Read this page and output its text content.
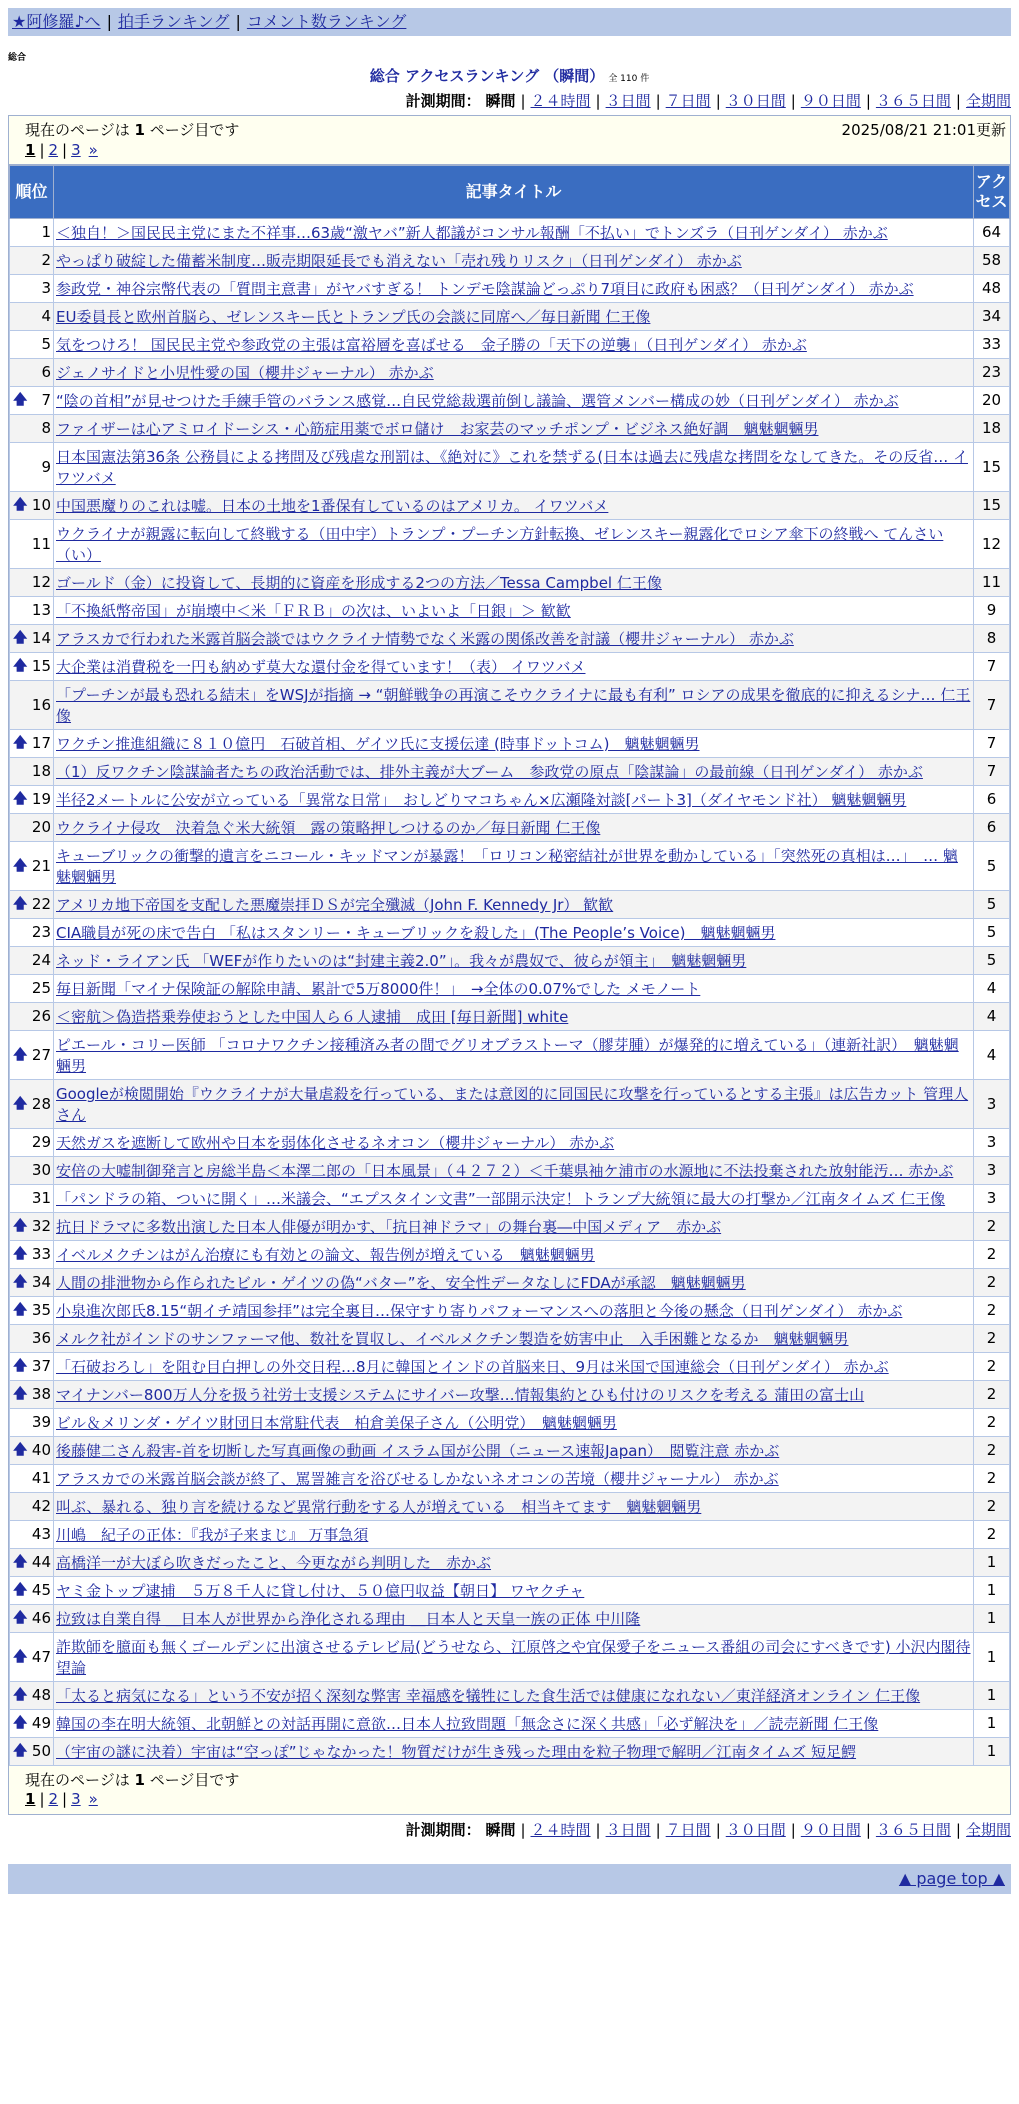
★阿修羅♪へ | 拍手ランキング | コメント数ランキング
総合
総合 アクセスランキング （瞬間） 全 110 件
計測期間： 瞬間 | ２４時間 | ３日間 | ７日間 | ３０日間 | ９０日間 | ３６５日間 | 全期間
現在のページは 1 ページ目です	2025/08/21 21:01更新
1 | 2 | 3 »
順位	記事タイトル	アクセス
1	＜独自！＞国民民主党にまた不祥事…63歳“激ヤバ”新人都議がコンサル報酬「不払い」でトンズラ（日刊ゲンダイ） 赤かぶ	64
2	やっぱり破綻した備蓄米制度…販売期限延長でも消えない「売れ残りリスク」（日刊ゲンダイ） 赤かぶ	58
3	参政党・神谷宗幣代表の「質問主意書」がヤバすぎる！ トンデモ陰謀論どっぷり7項目に政府も困惑？（日刊ゲンダイ） 赤かぶ	48
4	EU委員長と欧州首脳ら、ゼレンスキー氏とトランプ氏の会談に同席へ／毎日新聞 仁王像	34
5	気をつけろ！ 国民民主党や参政党の主張は富裕層を喜ばせる　金子勝の「天下の逆襲」（日刊ゲンダイ） 赤かぶ	33
6	ジェノサイドと小児性愛の国（櫻井ジャーナル） 赤かぶ	23

🡅 7	“陰の首相”が見せつけた手練手管のバランス感覚…自民党総裁選前倒し議論、選管メンバー構成の妙（日刊ゲンダイ） 赤かぶ	20
8	ファイザーは心アミロイドーシス・心筋症用薬でボロ儲け　お家芸のマッチポンプ・ビジネス絶好調　魑魅魍魎男	18
9	日本国憲法第36条 公務員による拷問及び残虐な刑罰は、《絶対に》これを禁ずる(日本は過去に残虐な拷問をなしてきた。その反省… イワツバメ	15

🡅 10	中国悪魔りのこれは嘘。日本の土地を1番保有しているのはアメリカ。 イワツバメ	15
11	ウクライナが親露に転向して終戦する（田中宇）トランプ・プーチン方針転換、ゼレンスキー親露化でロシア傘下の終戦へ てんさい（い）	12
12	ゴールド（金）に投資して、長期的に資産を形成する2つの方法／Tessa Campbel 仁王像	11
13	「不換紙幣帝国」が崩壊中＜米「ＦＲＢ」の次は、いよいよ「日銀」＞ 歓歓	9

🡅 14	アラスカで行われた米露首脳会談ではウクライナ情勢でなく米露の関係改善を討議（櫻井ジャーナル） 赤かぶ	8

🡅 15	大企業は消費税を一円も納めず莫大な還付金を得ています！（表） イワツバメ	7
16	「プーチンが最も恐れる結末」をWSJが指摘 → “朝鮮戦争の再演こそウクライナに最も有利” ロシアの成果を徹底的に抑えるシナ… 仁王像	7

🡅 17	ワクチン推進組織に８１０億円　石破首相、ゲイツ氏に支援伝達 (時事ドットコム)　魑魅魍魎男	7
18	（1）反ワクチン陰謀論者たちの政治活動では、排外主義が大ブーム　参政党の原点「陰謀論」の最前線（日刊ゲンダイ） 赤かぶ	7

🡅 19	半径2メートルに公安が立っている「異常な日常」　おしどりマコちゃん×広瀬隆対談[パート3]（ダイヤモンド社） 魑魅魍魎男	6
20	ウクライナ侵攻　決着急ぐ米大統領　露の策略押しつけるのか／毎日新聞 仁王像	6

🡅 21	キューブリックの衝撃的遺言をニコール・キッドマンが暴露！「ロリコン秘密結社が世界を動かしている」「突然死の真相は…」　… 魑魅魍魎男	5

🡅 22	アメリカ地下帝国を支配した悪魔崇拝ＤＳが完全殲滅（John F. Kennedy Jr） 歓歓	5
23	CIA職員が死の床で告白 「私はスタンリー・キューブリックを殺した」(The People’s Voice)　魑魅魍魎男	5
24	ネッド・ライアン氏 「WEFが作りたいのは“封建主義2.0”」。我々が農奴で、彼らが領主」　魑魅魍魎男	5
25	毎日新聞「マイナ保険証の解除申請、累計で5万8000件！」　→全体の0.07%でした メモノート	4
26	＜密航＞偽造搭乗券使おうとした中国人ら６人逮捕　成田 [毎日新聞] white	4

🡅 27	ピエール・コリー医師 「コロナワクチン接種済み者の間でグリオブラストーマ（膠芽腫）が爆発的に増えている」（連新社訳）　魑魅魍魎男	4

🡅 28	Googleが検閲開始『ウクライナが大量虐殺を行っている、または意図的に同国民に攻撃を行っているとする主張』は広告カット 管理人さん	3
29	天然ガスを遮断して欧州や日本を弱体化させるネオコン（櫻井ジャーナル） 赤かぶ	3
30	安倍の大嘘制御発言と房総半島＜本澤二郎の「日本風景」（４２７２）＜千葉県袖ケ浦市の水源地に不法投棄された放射能汚… 赤かぶ	3
31	「パンドラの箱、ついに開く」…米議会、“エプスタイン文書”一部開示決定！トランプ大統領に最大の打撃か／江南タイムズ 仁王像	3

🡅 32	抗日ドラマに多数出演した日本人俳優が明かす、「抗日神ドラマ」の舞台裏―中国メディア　赤かぶ	2

🡅 33	イベルメクチンはがん治療にも有効との論文、報告例が増えている　魑魅魍魎男	2

🡅 34	人間の排泄物から作られたビル・ゲイツの偽“バター”を、安全性データなしにFDAが承認　魑魅魍魎男	2

🡅 35	小泉進次郎氏8.15“朝イチ靖国参拝”は完全裏目…保守すり寄りパフォーマンスへの落胆と今後の懸念（日刊ゲンダイ） 赤かぶ	2
36	メルク社がインドのサンファーマ他、数社を買収し、イベルメクチン製造を妨害中止　入手困難となるか　魑魅魍魎男	2

🡅 37	「石破おろし」を阻む目白押しの外交日程…8月に韓国とインドの首脳来日、9月は米国で国連総会（日刊ゲンダイ） 赤かぶ	2

🡅 38	マイナンバー800万人分を扱う社労士支援システムにサイバー攻撃…情報集約とひも付けのリスクを考える 蒲田の富士山	2
39	ビル＆メリンダ・ゲイツ財団日本常駐代表　柏倉美保子さん（公明党）　魑魅魍魎男	2

🡅 40	後藤健二さん殺害-首を切断した写真画像の動画 イスラム国が公開（ニュース速報Japan）　閲覧注意 赤かぶ	2
41	アラスカでの米露首脳会談が終了、罵詈雑言を浴びせるしかないネオコンの苦境（櫻井ジャーナル） 赤かぶ	2
42	叫ぶ、暴れる、独り言を続けるなど異常行動をする人が増えている　相当キてます　魑魅魍魎男	2
43	川嶋　紀子の正体：『我が子来まじ』 万事急須	2

🡅 44	高橋洋一が大ぼら吹きだったこと、今更ながら判明した　赤かぶ	1

🡅 45	ヤミ金トップ逮捕　５万８千人に貸し付け、５０億円収益【朝日】 ワヤクチャ	1

🡅 46	拉致は自業自得 ＿日本人が世界から浄化される理由 ＿日本人と天皇一族の正体 中川隆	1

🡅 47	詐欺師を臆面も無くゴールデンに出演させるテレビ局(どうせなら、江原啓之や宜保愛子をニュース番組の司会にすべきです) 小沢内閣待望論	1

🡅 48	「太ると病気になる」という不安が招く深刻な弊害 幸福感を犠牲にした食生活では健康になれない／東洋経済オンライン 仁王像	1

🡅 49	韓国の李在明大統領、北朝鮮との対話再開に意欲…日本人拉致問題「無念さに深く共感」「必ず解決を」／読売新聞 仁王像	1

🡅 50	（宇宙の謎に決着）宇宙は“空っぽ”じゃなかった！物質だけが生き残った理由を粒子物理で解明／江南タイムズ 短足鰐	1
現在のページは 1 ページ目です
1 | 2 | 3 »
計測期間： 瞬間 | ２４時間 | ３日間 | ７日間 | ３０日間 | ９０日間 | ３６５日間 | 全期間
▲ page top ▲
